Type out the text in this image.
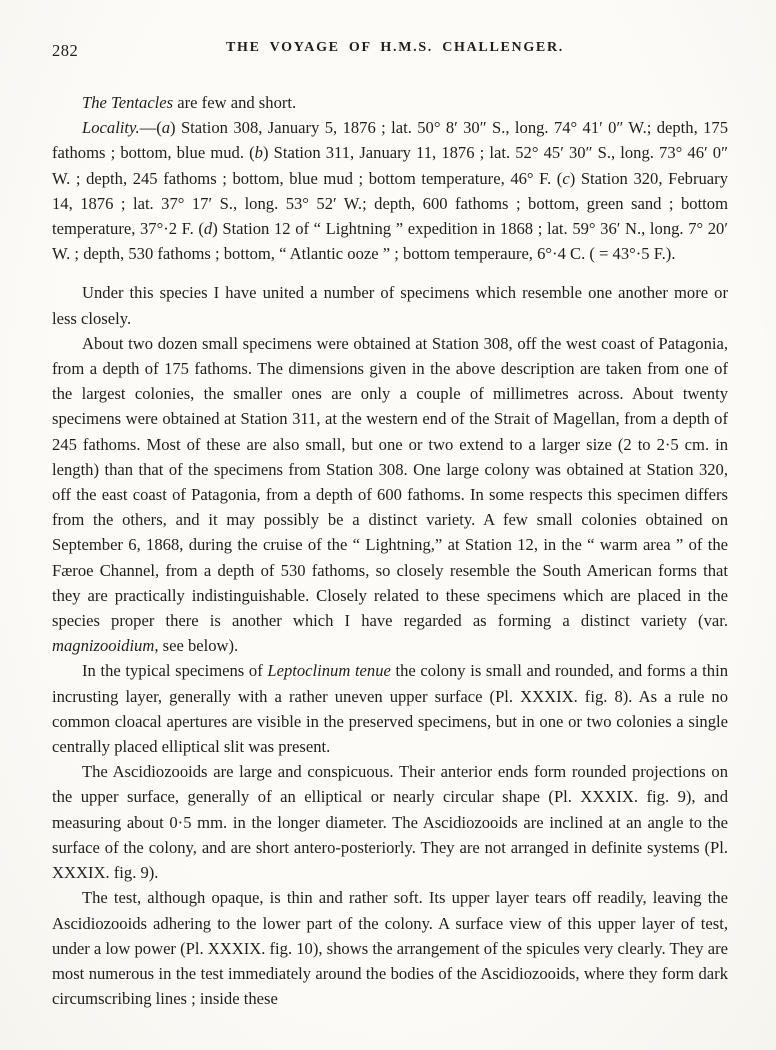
282	THE VOYAGE OF H.M.S. CHALLENGER.

The Tentacles are few and short.

Locality.—(a) Station 308, January 5, 1876 ; lat. 50° 8′ 30″ S., long. 74° 41′ 0″ W.; depth, 175 fathoms ; bottom, blue mud. (b) Station 311, January 11, 1876 ; lat. 52° 45′ 30″ S., long. 73° 46′ 0″ W. ; depth, 245 fathoms ; bottom, blue mud ; bottom temperature, 46° F. (c) Station 320, February 14, 1876 ; lat. 37° 17′ S., long. 53° 52′ W.; depth, 600 fathoms ; bottom, green sand ; bottom temperature, 37°·2 F. (d) Station 12 of “ Lightning ” expedition in 1868 ; lat. 59° 36′ N., long. 7° 20′ W. ; depth, 530 fathoms ; bottom, “ Atlantic ooze ” ; bottom temperaure, 6°·4 C. ( = 43°·5 F.).

Under this species I have united a number of specimens which resemble one another more or less closely.

About two dozen small specimens were obtained at Station 308, off the west coast of Patagonia, from a depth of 175 fathoms. The dimensions given in the above description are taken from one of the largest colonies, the smaller ones are only a couple of millimetres across. About twenty specimens were obtained at Station 311, at the western end of the Strait of Magellan, from a depth of 245 fathoms. Most of these are also small, but one or two extend to a larger size (2 to 2·5 cm. in length) than that of the specimens from Station 308. One large colony was obtained at Station 320, off the east coast of Patagonia, from a depth of 600 fathoms. In some respects this specimen differs from the others, and it may possibly be a distinct variety. A few small colonies obtained on September 6, 1868, during the cruise of the “ Lightning,” at Station 12, in the “ warm area ” of the Færoe Channel, from a depth of 530 fathoms, so closely resemble the South American forms that they are practically indistinguishable. Closely related to these specimens which are placed in the species proper there is another which I have regarded as forming a distinct variety (var. magnizooidium, see below).

In the typical specimens of Leptoclinum tenue the colony is small and rounded, and forms a thin incrusting layer, generally with a rather uneven upper surface (Pl. XXXIX. fig. 8). As a rule no common cloacal apertures are visible in the preserved specimens, but in one or two colonies a single centrally placed elliptical slit was present.

The Ascidiozooids are large and conspicuous. Their anterior ends form rounded projections on the upper surface, generally of an elliptical or nearly circular shape (Pl. XXXIX. fig. 9), and measuring about 0·5 mm. in the longer diameter. The Ascidiozooids are inclined at an angle to the surface of the colony, and are short antero-posteriorly. They are not arranged in definite systems (Pl. XXXIX. fig. 9).

The test, although opaque, is thin and rather soft. Its upper layer tears off readily, leaving the Ascidiozooids adhering to the lower part of the colony. A surface view of this upper layer of test, under a low power (Pl. XXXIX. fig. 10), shows the arrangement of the spicules very clearly. They are most numerous in the test immediately around the bodies of the Ascidiozooids, where they form dark circumscribing lines ; inside these
